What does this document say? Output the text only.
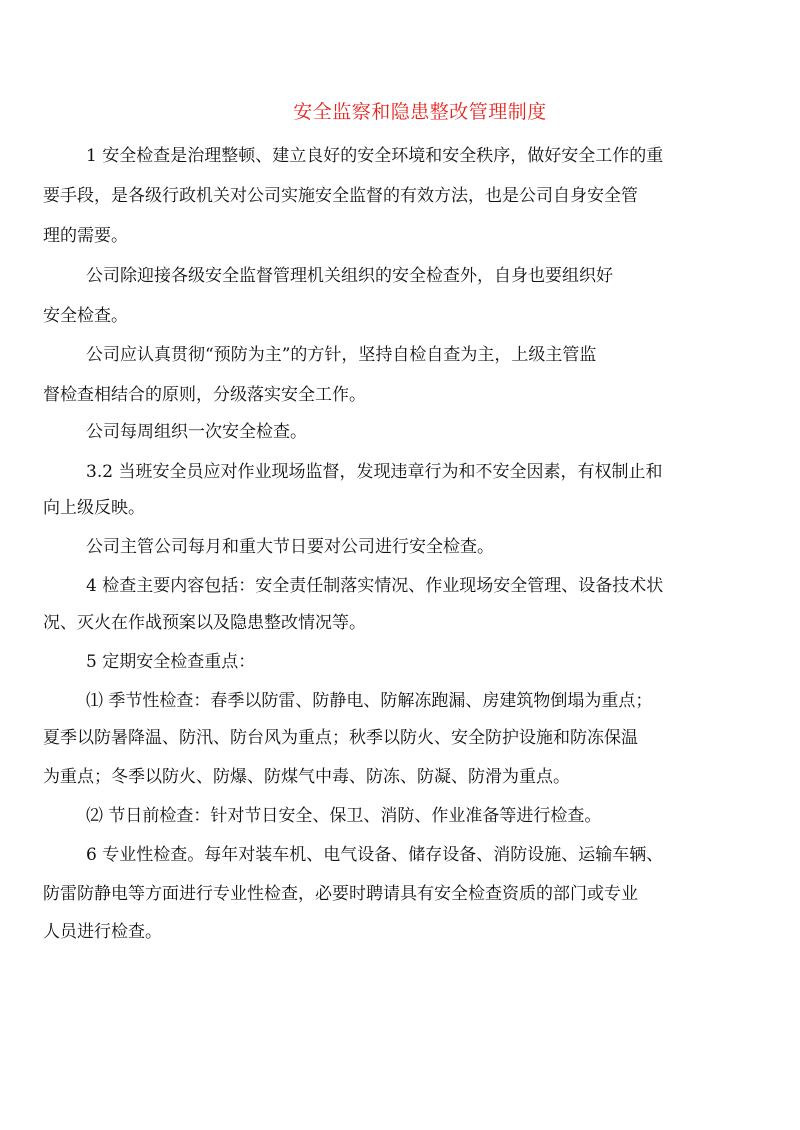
安全监察和隐患整改管理制度
1 安全检查是治理整顿、建立良好的安全环境和安全秩序，做好安全工作的重
要手段，是各级行政机关对公司实施安全监督的有效方法，也是公司自身安全管
理的需要。
公司除迎接各级安全监督管理机关组织的安全检查外，自身也要组织好
安全检查。
公司应认真贯彻“预防为主”的方针，坚持自检自查为主，上级主管监
督检查相结合的原则，分级落实安全工作。
公司每周组织一次安全检查。
3.2 当班安全员应对作业现场监督，发现违章行为和不安全因素，有权制止和
向上级反映。
公司主管公司每月和重大节日要对公司进行安全检查。
4 检查主要内容包括：安全责任制落实情况、作业现场安全管理、设备技术状
况、灭火在作战预案以及隐患整改情况等。
5 定期安全检查重点：
⑴ 季节性检查：春季以防雷、防静电、防解冻跑漏、房建筑物倒塌为重点；
夏季以防暑降温、防汛、防台风为重点；秋季以防火、安全防护设施和防冻保温
为重点；冬季以防火、防爆、防煤气中毒、防冻、防凝、防滑为重点。
⑵ 节日前检查：针对节日安全、保卫、消防、作业准备等进行检查。
6 专业性检查。每年对装车机、电气设备、储存设备、消防设施、运输车辆、
防雷防静电等方面进行专业性检查，必要时聘请具有安全检查资质的部门或专业
人员进行检查。
